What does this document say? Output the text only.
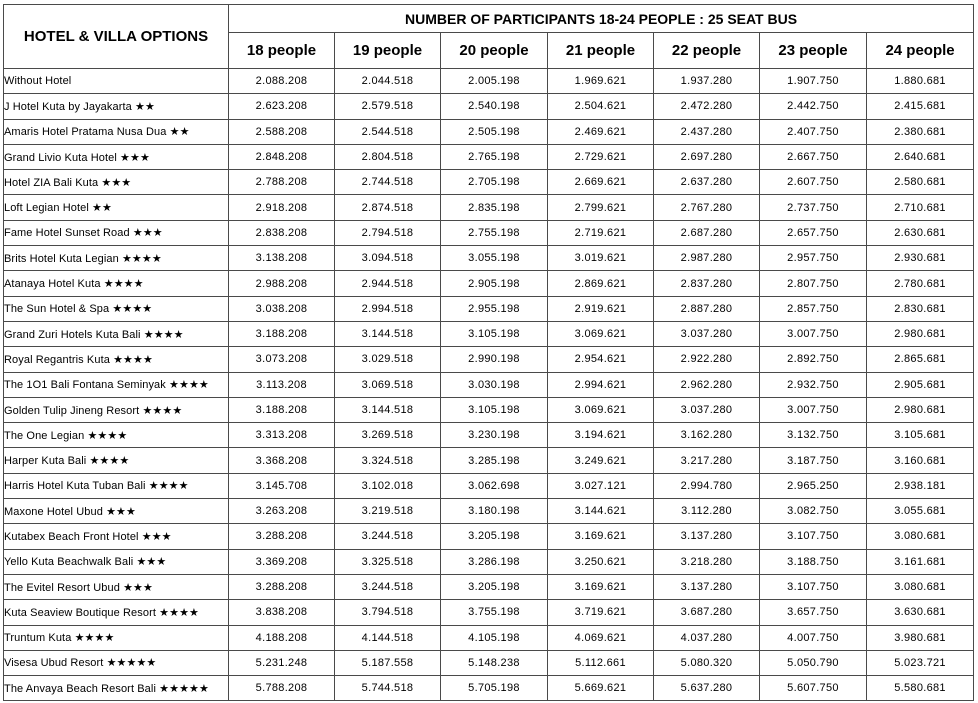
HOTEL & VILLA OPTIONS	NUMBER OF PARTICIPANTS 18-24 PEOPLE : 25 SEAT BUS						
	18 people	19 people	20 people	21 people	22 people	23 people	24 people
Without Hotel	2.088.208	2.044.518	2.005.198	1.969.621	1.937.280	1.907.750	1.880.681
J Hotel Kuta by Jayakarta ★★	2.623.208	2.579.518	2.540.198	2.504.621	2.472.280	2.442.750	2.415.681
Amaris Hotel Pratama Nusa Dua ★★	2.588.208	2.544.518	2.505.198	2.469.621	2.437.280	2.407.750	2.380.681
Grand Livio Kuta Hotel ★★★	2.848.208	2.804.518	2.765.198	2.729.621	2.697.280	2.667.750	2.640.681
Hotel ZIA Bali Kuta ★★★	2.788.208	2.744.518	2.705.198	2.669.621	2.637.280	2.607.750	2.580.681
Loft Legian Hotel ★★	2.918.208	2.874.518	2.835.198	2.799.621	2.767.280	2.737.750	2.710.681
Fame Hotel Sunset Road ★★★	2.838.208	2.794.518	2.755.198	2.719.621	2.687.280	2.657.750	2.630.681
Brits Hotel Kuta Legian ★★★★	3.138.208	3.094.518	3.055.198	3.019.621	2.987.280	2.957.750	2.930.681
Atanaya Hotel Kuta ★★★★	2.988.208	2.944.518	2.905.198	2.869.621	2.837.280	2.807.750	2.780.681
The Sun Hotel & Spa ★★★★	3.038.208	2.994.518	2.955.198	2.919.621	2.887.280	2.857.750	2.830.681
Grand Zuri Hotels Kuta Bali ★★★★	3.188.208	3.144.518	3.105.198	3.069.621	3.037.280	3.007.750	2.980.681
Royal Regantris Kuta ★★★★	3.073.208	3.029.518	2.990.198	2.954.621	2.922.280	2.892.750	2.865.681
The 1O1 Bali Fontana Seminyak ★★★★	3.113.208	3.069.518	3.030.198	2.994.621	2.962.280	2.932.750	2.905.681
Golden Tulip Jineng Resort ★★★★	3.188.208	3.144.518	3.105.198	3.069.621	3.037.280	3.007.750	2.980.681
The One Legian ★★★★	3.313.208	3.269.518	3.230.198	3.194.621	3.162.280	3.132.750	3.105.681
Harper Kuta Bali ★★★★	3.368.208	3.324.518	3.285.198	3.249.621	3.217.280	3.187.750	3.160.681
Harris Hotel Kuta Tuban Bali ★★★★	3.145.708	3.102.018	3.062.698	3.027.121	2.994.780	2.965.250	2.938.181
Maxone Hotel Ubud ★★★	3.263.208	3.219.518	3.180.198	3.144.621	3.112.280	3.082.750	3.055.681
Kutabex Beach Front Hotel ★★★	3.288.208	3.244.518	3.205.198	3.169.621	3.137.280	3.107.750	3.080.681
Yello Kuta Beachwalk Bali ★★★	3.369.208	3.325.518	3.286.198	3.250.621	3.218.280	3.188.750	3.161.681
The Evitel Resort Ubud ★★★	3.288.208	3.244.518	3.205.198	3.169.621	3.137.280	3.107.750	3.080.681
Kuta Seaview Boutique Resort ★★★★	3.838.208	3.794.518	3.755.198	3.719.621	3.687.280	3.657.750	3.630.681
Truntum Kuta ★★★★	4.188.208	4.144.518	4.105.198	4.069.621	4.037.280	4.007.750	3.980.681
Visesa Ubud Resort ★★★★★	5.231.248	5.187.558	5.148.238	5.112.661	5.080.320	5.050.790	5.023.721
The Anvaya Beach Resort Bali ★★★★★	5.788.208	5.744.518	5.705.198	5.669.621	5.637.280	5.607.750	5.580.681
